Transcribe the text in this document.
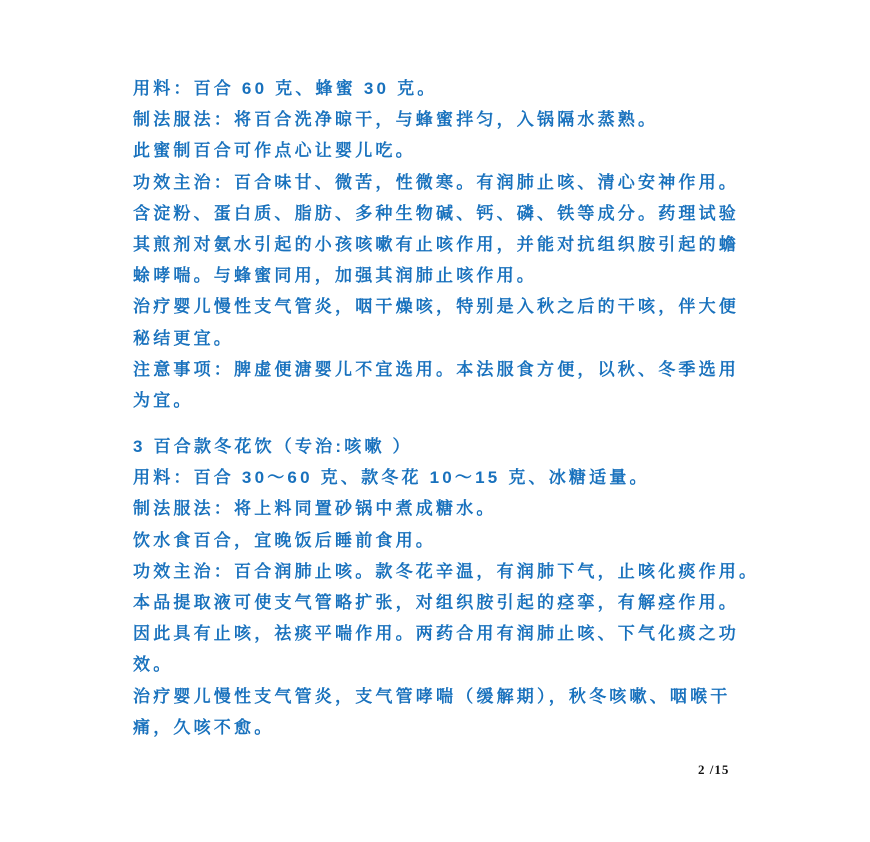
用料：百合 60 克、蜂蜜 30 克。
制法服法：将百合洗净晾干，与蜂蜜拌匀，入锅隔水蒸熟。
此蜜制百合可作点心让婴儿吃。
功效主治：百合味甘、微苦，性微寒。有润肺止咳、清心安神作用。
含淀粉、蛋白质、脂肪、多种生物碱、钙、磷、铁等成分。药理试验
其煎剂对氨水引起的小孩咳嗽有止咳作用，并能对抗组织胺引起的蟾
蜍哮喘。与蜂蜜同用，加强其润肺止咳作用。
治疗婴儿慢性支气管炎，咽干燥咳，特别是入秋之后的干咳，伴大便
秘结更宜。
注意事项：脾虚便溏婴儿不宜选用。本法服食方便，以秋、冬季选用
为宜。
3 百合款冬花饮（专治:咳嗽 ）
用料：百合 30～60 克、款冬花 10～15 克、冰糖适量。
制法服法：将上料同置砂锅中煮成糖水。
饮水食百合，宜晚饭后睡前食用。
功效主治：百合润肺止咳。款冬花辛温，有润肺下气，止咳化痰作用。
本品提取液可使支气管略扩张，对组织胺引起的痉挛，有解痉作用。
因此具有止咳，祛痰平喘作用。两药合用有润肺止咳、下气化痰之功
效。
治疗婴儿慢性支气管炎，支气管哮喘（缓解期），秋冬咳嗽、咽喉干
痛，久咳不愈。
2 /15
